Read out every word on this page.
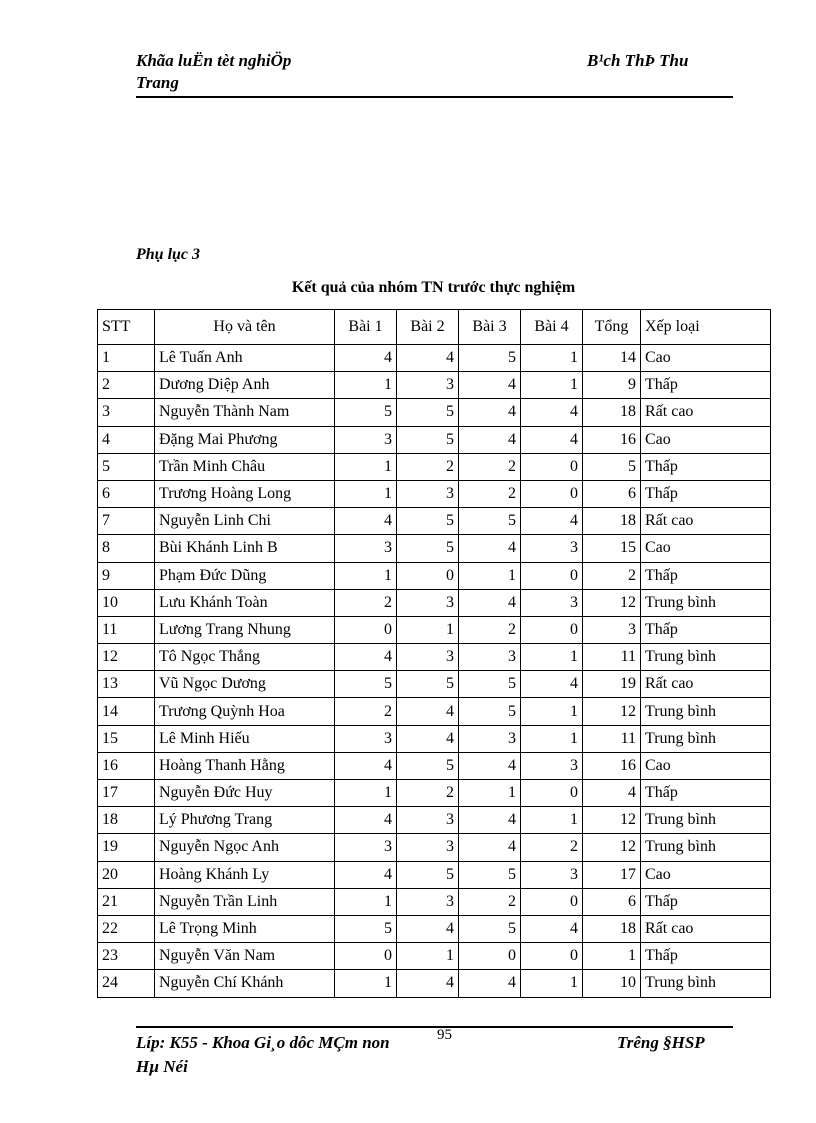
Khãa luËn tèt nghiÖp
Trang
B¹ch ThÞ Thu
Phụ lục 3
Kết quả của nhóm TN trước thực nghiệm
STT	Họ và tên	Bài 1	Bài 2	Bài 3	Bài 4	Tổng	Xếp loại
1	Lê Tuấn Anh	4	4	5	1	14	Cao
2	Dương Diệp Anh	1	3	4	1	9	Thấp
3	Nguyễn Thành Nam	5	5	4	4	18	Rất cao
4	Đặng Mai Phương	3	5	4	4	16	Cao
5	Trần Minh Châu	1	2	2	0	5	Thấp
6	Trương Hoàng Long	1	3	2	0	6	Thấp
7	Nguyễn Linh Chi	4	5	5	4	18	Rất cao
8	Bùi Khánh Linh B	3	5	4	3	15	Cao
9	Phạm Đức Dũng	1	0	1	0	2	Thấp
10	Lưu Khánh Toàn	2	3	4	3	12	Trung bình
11	Lương Trang Nhung	0	1	2	0	3	Thấp
12	Tô Ngọc Thắng	4	3	3	1	11	Trung bình
13	Vũ Ngọc Dương	5	5	5	4	19	Rất cao
14	Trương Quỳnh Hoa	2	4	5	1	12	Trung bình
15	Lê Minh Hiếu	3	4	3	1	11	Trung bình
16	Hoàng Thanh Hằng	4	5	4	3	16	Cao
17	Nguyễn Đức Huy	1	2	1	0	4	Thấp
18	Lý Phương Trang	4	3	4	1	12	Trung bình
19	Nguyễn Ngọc Anh	3	3	4	2	12	Trung bình
20	Hoàng Khánh Ly	4	5	5	3	17	Cao
21	Nguyễn Trần Linh	1	3	2	0	6	Thấp
22	Lê Trọng Minh	5	4	5	4	18	Rất cao
23	Nguyễn Văn Nam	0	1	0	0	1	Thấp
24	Nguyễn Chí Khánh	1	4	4	1	10	Trung bình
Líp: K55 - Khoa Gi¸o dôc MÇm non
Hµ Néi
95	Trêng §HSP
